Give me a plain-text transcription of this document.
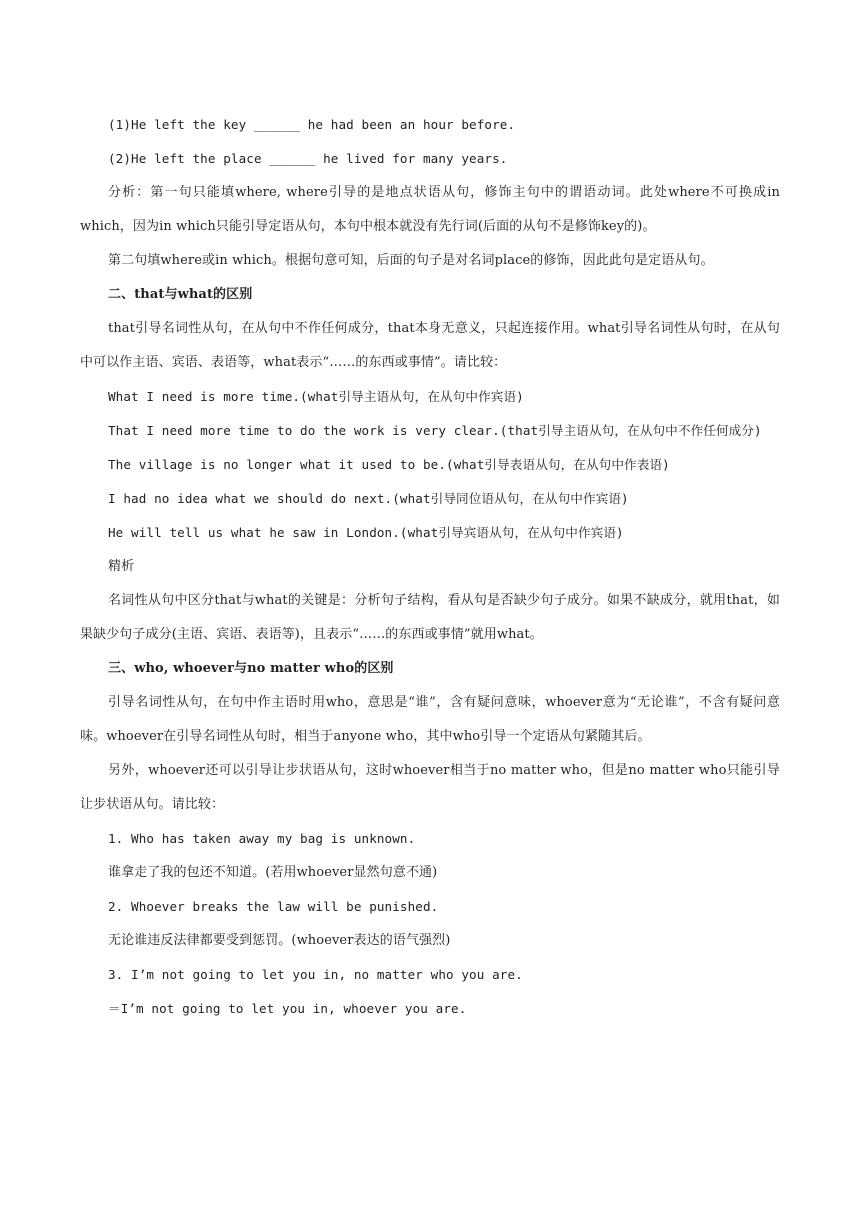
(1)He left the key ______ he had been an hour before.

(2)He left the place ______ he lived for many years.

分析：第一句只能填where, where引导的是地点状语从句，修饰主句中的谓语动词。此处where不可换成in which，因为in which只能引导定语从句，本句中根本就没有先行词(后面的从句不是修饰key的)。

第二句填where或in which。根据句意可知，后面的句子是对名词place的修饰，因此此句是定语从句。

二、that与what的区别

that引导名词性从句，在从句中不作任何成分，that本身无意义，只起连接作用。what引导名词性从句时，在从句中可以作主语、宾语、表语等，what表示“……的东西或事情”。请比较：

What I need is more time.(what引导主语从句，在从句中作宾语)

That I need more time to do the work is very clear.(that引导主语从句，在从句中不作任何成分)

The village is no longer what it used to be.(what引导表语从句，在从句中作表语)

I had no idea what we should do next.(what引导同位语从句，在从句中作宾语)

He will tell us what he saw in London.(what引导宾语从句，在从句中作宾语)

精析

名词性从句中区分that与what的关键是：分析句子结构，看从句是否缺少句子成分。如果不缺成分，就用that，如果缺少句子成分(主语、宾语、表语等)，且表示“……的东西或事情”就用what。

三、who, whoever与no matter who的区别

引导名词性从句，在句中作主语时用who，意思是“谁”，含有疑问意味，whoever意为“无论谁”，不含有疑问意味。whoever在引导名词性从句时，相当于anyone who，其中who引导一个定语从句紧随其后。

另外，whoever还可以引导让步状语从句，这时whoever相当于no matter who，但是no matter who只能引导让步状语从句。请比较：

1. Who has taken away my bag is unknown.

谁拿走了我的包还不知道。(若用whoever显然句意不通)

2. Whoever breaks the law will be punished.

无论谁违反法律都要受到惩罚。(whoever表达的语气强烈)

3. I’m not going to let you in, no matter who you are.

＝I’m not going to let you in, whoever you are.
